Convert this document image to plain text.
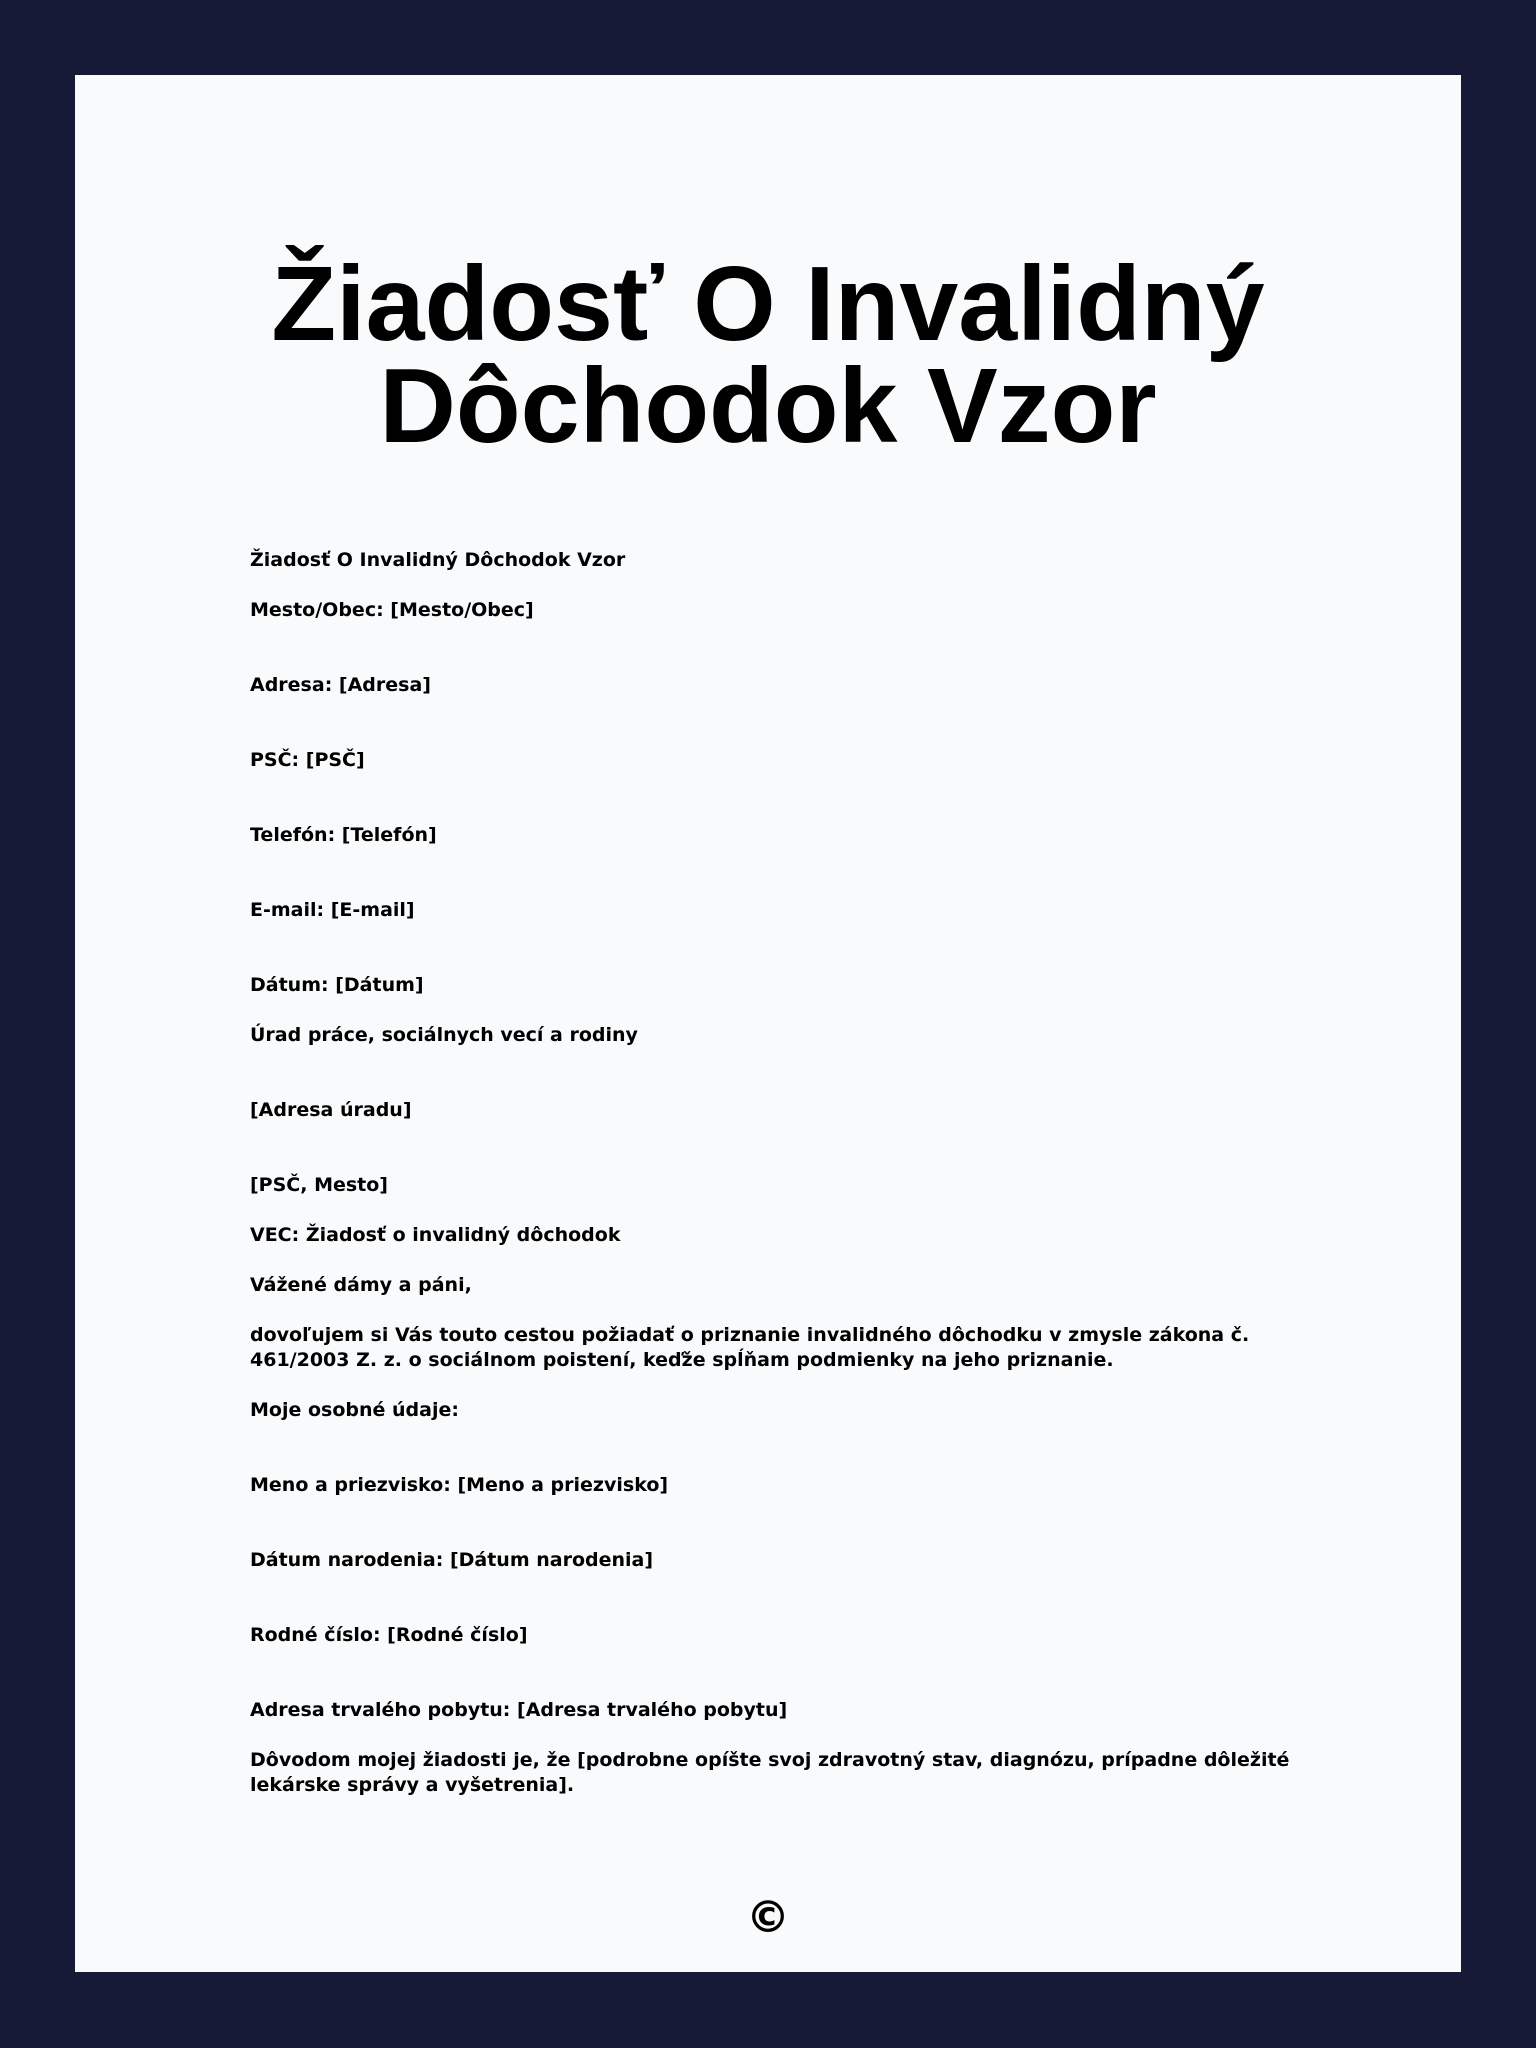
Žiadosť O Invalidný
Dôchodok Vzor

Žiadosť O Invalidný Dôchodok Vzor

Mesto/Obec: [Mesto/Obec]

Adresa: [Adresa]

PSČ: [PSČ]

Telefón: [Telefón]

E-mail: [E-mail]

Dátum: [Dátum]

Úrad práce, sociálnych vecí a rodiny

[Adresa úradu]

[PSČ, Mesto]

VEC: Žiadosť o invalidný dôchodok

Vážené dámy a páni,

dovoľujem si Vás touto cestou požiadať o priznanie invalidného dôchodku v zmysle zákona č. 461/2003 Z. z. o sociálnom poistení, keďže spĺňam podmienky na jeho priznanie.

Moje osobné údaje:

Meno a priezvisko: [Meno a priezvisko]

Dátum narodenia: [Dátum narodenia]

Rodné číslo: [Rodné číslo]

Adresa trvalého pobytu: [Adresa trvalého pobytu]

Dôvodom mojej žiadosti je, že [podrobne opíšte svoj zdravotný stav, diagnózu, prípadne dôležité lekárske správy a vyšetrenia].

©
